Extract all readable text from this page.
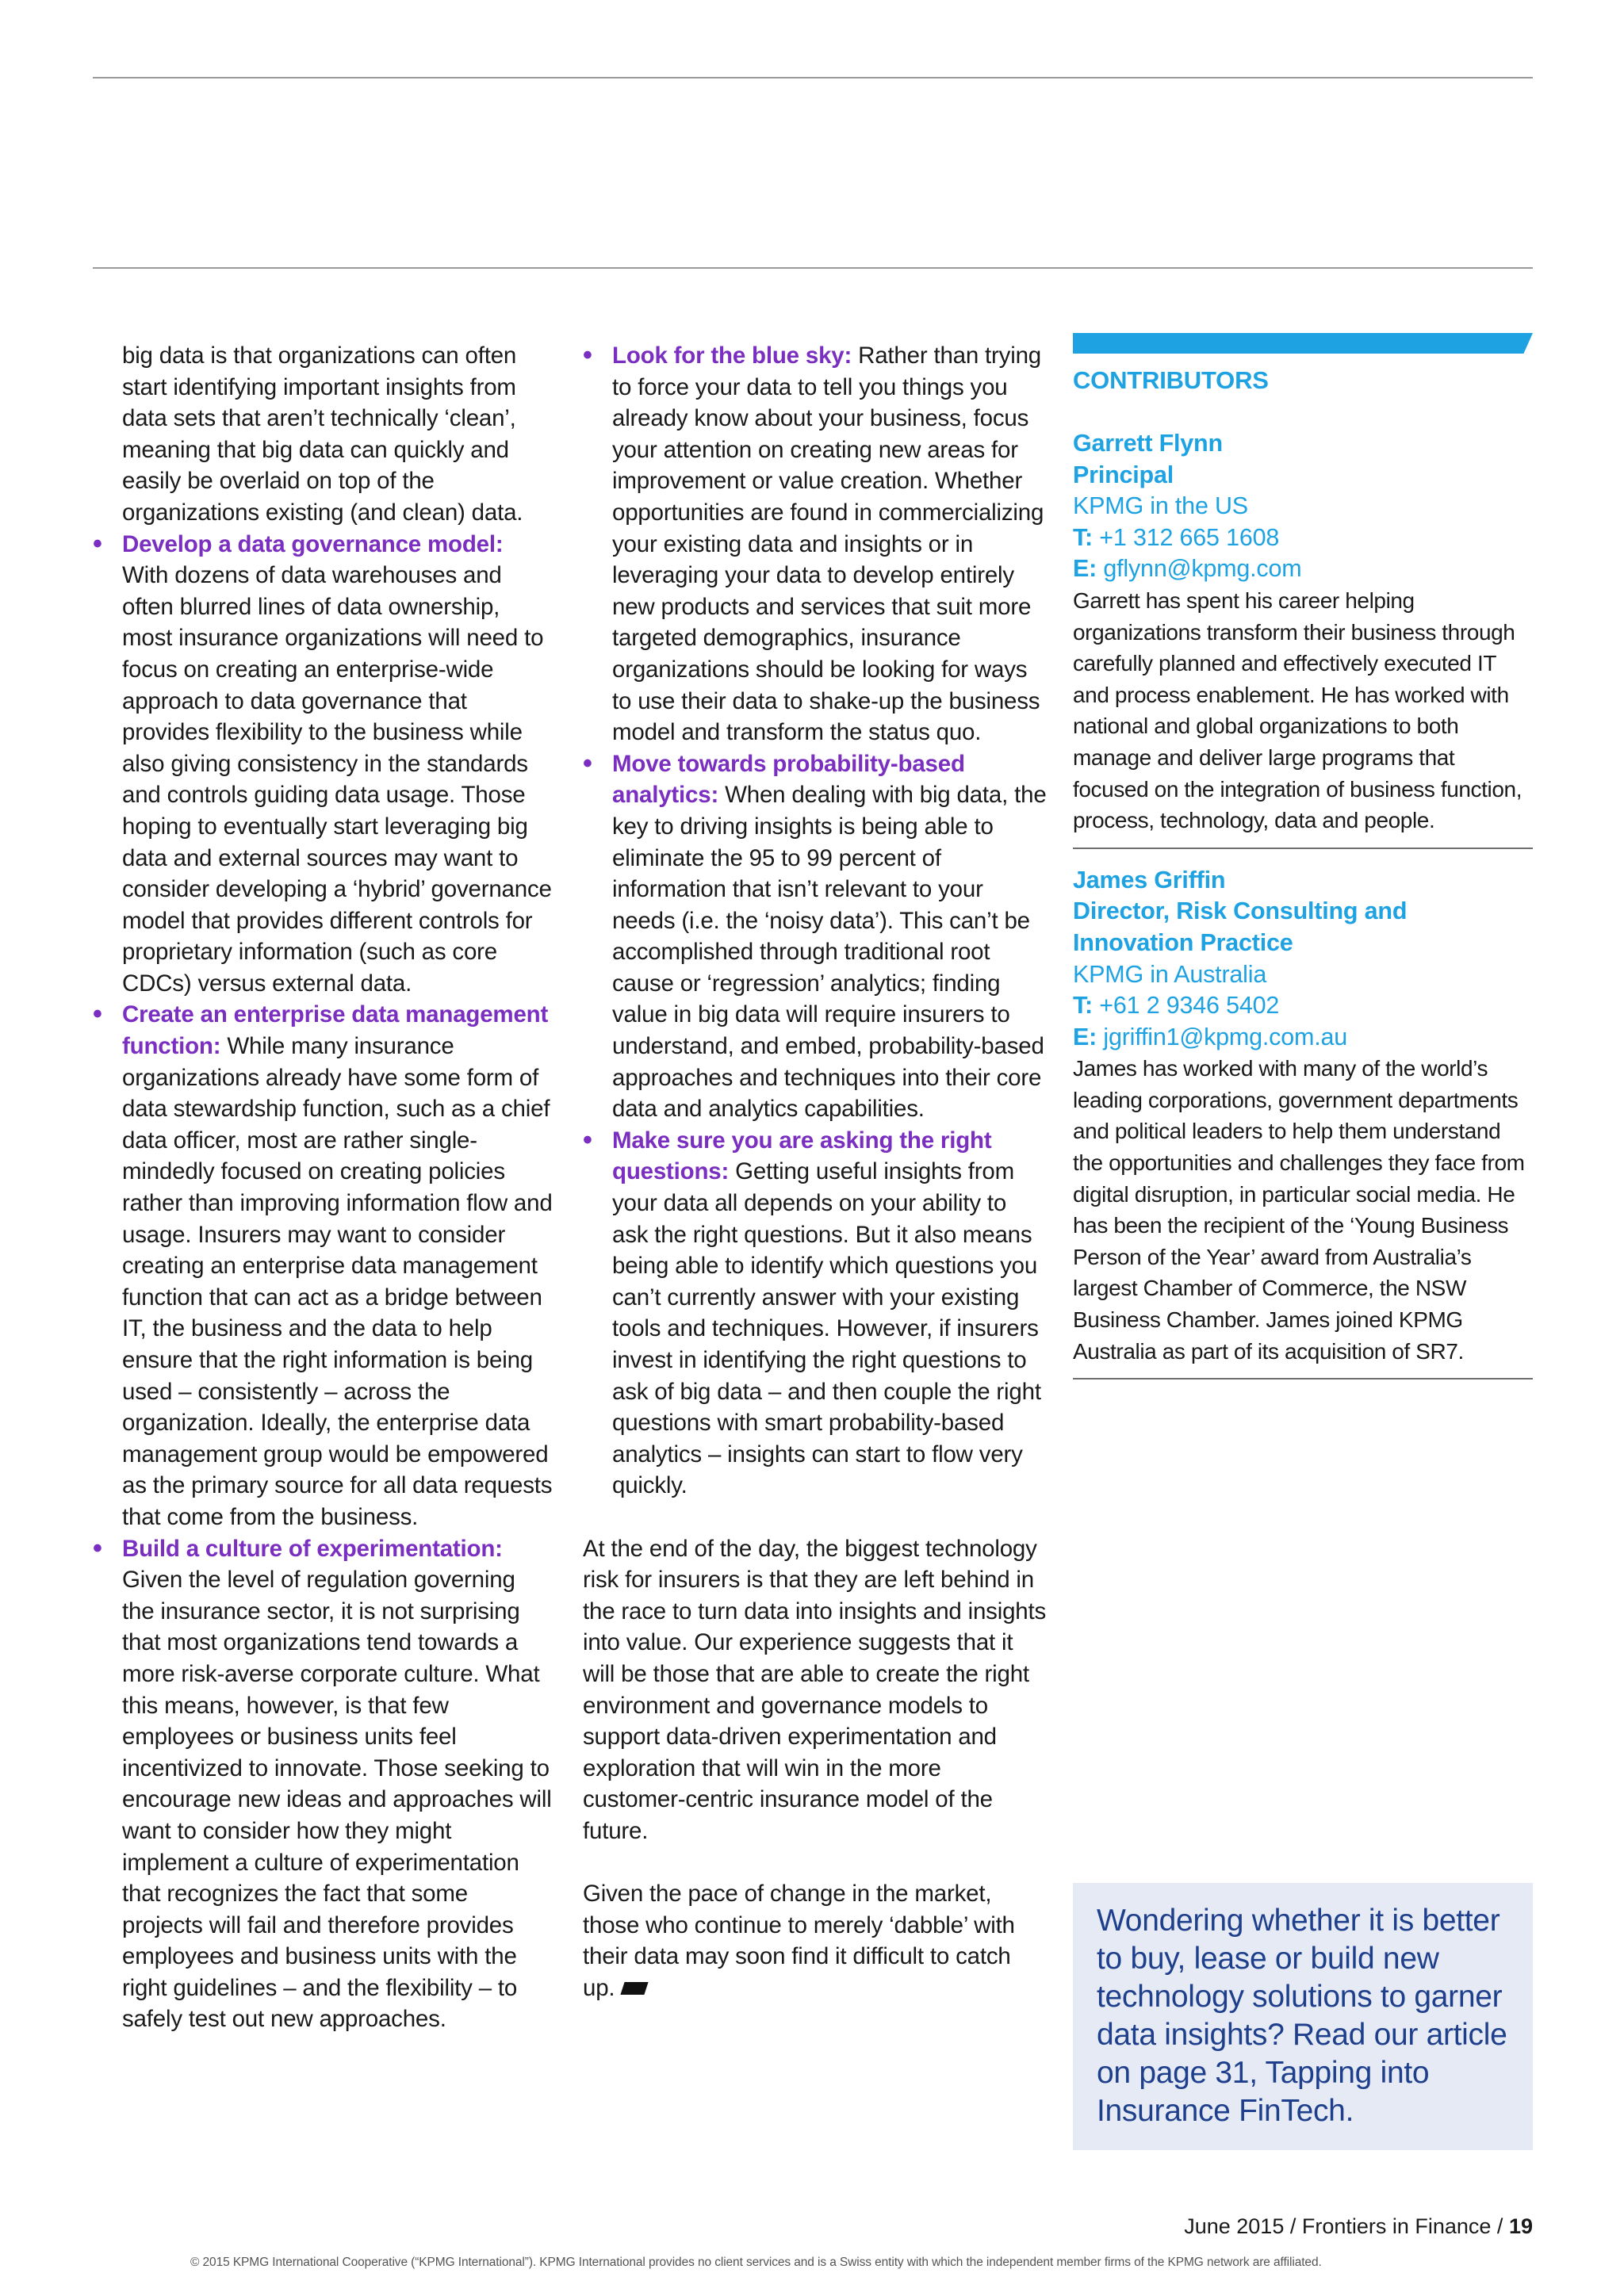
big data is that organizations can often start identifying important insights from data sets that aren’t technically ‘clean’, meaning that big data can quickly and easily be overlaid on top of the organizations existing (and clean) data.
• Develop a data governance model: With dozens of data warehouses and often blurred lines of data ownership, most insurance organizations will need to focus on creating an enterprise-wide approach to data governance that provides flexibility to the business while also giving consistency in the standards and controls guiding data usage. Those hoping to eventually start leveraging big data and external sources may want to consider developing a ‘hybrid’ governance model that provides different controls for proprietary information (such as core CDCs) versus external data.
• Create an enterprise data management function: While many insurance organizations already have some form of data stewardship function, such as a chief data officer, most are rather single-mindedly focused on creating policies rather than improving information flow and usage. Insurers may want to consider creating an enterprise data management function that can act as a bridge between IT, the business and the data to help ensure that the right information is being used – consistently – across the organization. Ideally, the enterprise data management group would be empowered as the primary source for all data requests that come from the business.
• Build a culture of experimentation: Given the level of regulation governing the insurance sector, it is not surprising that most organizations tend towards a more risk-averse corporate culture. What this means, however, is that few employees or business units feel incentivized to innovate. Those seeking to encourage new ideas and approaches will want to consider how they might implement a culture of experimentation that recognizes the fact that some projects will fail and therefore provides employees and business units with the right guidelines – and the flexibility – to safely test out new approaches.
• Look for the blue sky: Rather than trying to force your data to tell you things you already know about your business, focus your attention on creating new areas for improvement or value creation. Whether opportunities are found in commercializing your existing data and insights or in leveraging your data to develop entirely new products and services that suit more targeted demographics, insurance organizations should be looking for ways to use their data to shake-up the business model and transform the status quo.
• Move towards probability-based analytics: When dealing with big data, the key to driving insights is being able to eliminate the 95 to 99 percent of information that isn’t relevant to your needs (i.e. the ‘noisy data’). This can’t be accomplished through traditional root cause or ‘regression’ analytics; finding value in big data will require insurers to understand, and embed, probability-based approaches and techniques into their core data and analytics capabilities.
• Make sure you are asking the right questions: Getting useful insights from your data all depends on your ability to ask the right questions. But it also means being able to identify which questions you can’t currently answer with your existing tools and techniques. However, if insurers invest in identifying the right questions to ask of big data – and then couple the right questions with smart probability-based analytics – insights can start to flow very quickly.

At the end of the day, the biggest technology risk for insurers is that they are left behind in the race to turn data into insights and insights into value. Our experience suggests that it will be those that are able to create the right environment and governance models to support data-driven experimentation and exploration that will win in the more customer-centric insurance model of the future.

Given the pace of change in the market, those who continue to merely ‘dabble’ with their data may soon find it difficult to catch up.

CONTRIBUTORS
Garrett Flynn
Principal
KPMG in the US
T: +1 312 665 1608
E: gflynn@kpmg.com
Garrett has spent his career helping organizations transform their business through carefully planned and effectively executed IT and process enablement. He has worked with national and global organizations to both manage and deliver large programs that focused on the integration of business function, process, technology, data and people.
James Griffin
Director, Risk Consulting and Innovation Practice
KPMG in Australia
T: +61 2 9346 5402
E: jgriffin1@kpmg.com.au
James has worked with many of the world’s leading corporations, government departments and political leaders to help them understand the opportunities and challenges they face from digital disruption, in particular social media. He has been the recipient of the ‘Young Business Person of the Year’ award from Australia’s largest Chamber of Commerce, the NSW Business Chamber. James joined KPMG Australia as part of its acquisition of SR7.
Wondering whether it is better to buy, lease or build new technology solutions to garner data insights? Read our article on page 31, Tapping into Insurance FinTech.
June 2015 / Frontiers in Finance / 19
© 2015 KPMG International Cooperative (“KPMG International”). KPMG International provides no client services and is a Swiss entity with which the independent member firms of the KPMG network are affiliated.
